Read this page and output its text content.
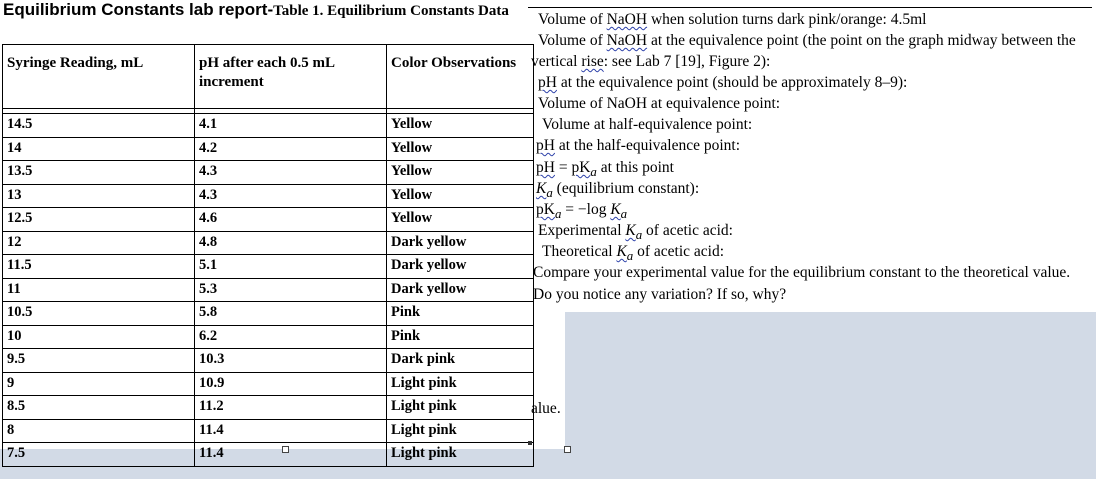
Equilibrium Constants lab report-Table 1. Equilibrium Constants Data
Syringe Reading, mL	pH after each 0.5 mL increment	Color Observations

14.5	4.1	Yellow
14	4.2	Yellow
13.5	4.3	Yellow
13	4.3	Yellow
12.5	4.6	Yellow
12	4.8	Dark yellow
11.5	5.1	Dark yellow
11	5.3	Dark yellow
10.5	5.8	Pink
10	6.2	Pink
9.5	10.3	Dark pink
9	10.9	Light pink
8.5	11.2	Light pink
8	11.4	Light pink
7.5	11.4	Light pink
Volume of NaOH when solution turns dark pink/orange: 4.5ml
Volume of NaOH at the equivalence point (the point on the graph midway between the
vertical rise: see Lab 7 [19], Figure 2):
pH at the equivalence point (should be approximately 8–9):
Volume of NaOH at equivalence point:
Volume at half-equivalence point:
pH at the half-equivalence point:
pH = $pK_a$ at this point
$K_a$ (equilibrium constant):
$pK_a = -\log$ $K_a$
Experimental $K_a$ of acetic acid:
Theoretical $K_a$ of acetic acid:
Compare your experimental value for the equilibrium constant to the theoretical value.
Do you notice any variation? If so, why?
alue.
